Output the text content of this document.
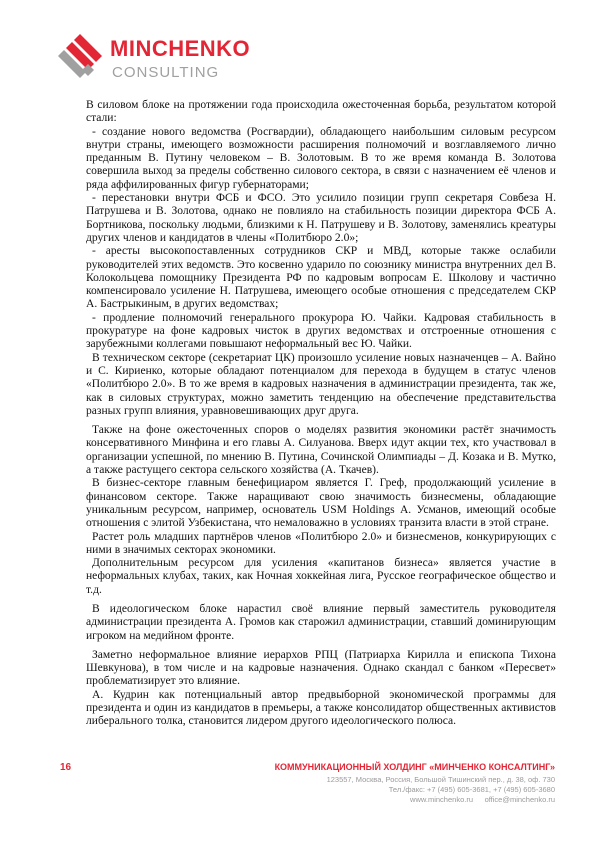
MINCHENKO
CONSULTING

В силовом блоке на протяжении года происходила ожесточенная борьба, результатом которой стали:

- создание нового ведомства (Росгвардии), обладающего наибольшим силовым ресурсом внутри страны, имеющего возможности расширения полномочий и возглавляемого лично преданным В. Путину человеком – В. Золотовым. В то же время команда В. Золотова совершила выход за пределы собственно силового сектора, в связи с назначением её членов и ряда аффилированных фигур губернаторами;

- перестановки внутри ФСБ и ФСО. Это усилило позиции групп секретаря Совбеза Н. Патрушева и В. Золотова, однако не повлияло на стабильность позиции директора ФСБ А. Бортникова, поскольку людьми, близкими к Н. Патрушеву и В. Золотову, заменялись креатуры других членов и кандидатов в члены «Политбюро 2.0»;

- аресты высокопоставленных сотрудников СКР и МВД, которые также ослабили руководителей этих ведомств. Это косвенно ударило по союзнику министра внутренних дел В. Колокольцева помощнику Президента РФ по кадровым вопросам Е. Школову и частично компенсировало усиление Н. Патрушева, имеющего особые отношения с председателем СКР А. Бастрыкиным, в других ведомствах;

- продление полномочий генерального прокурора Ю. Чайки. Кадровая стабильность в прокуратуре на фоне кадровых чисток в других ведомствах и отстроенные отношения с зарубежными коллегами повышают неформальный вес Ю. Чайки.

В техническом секторе (секретариат ЦК) произошло усиление новых назначенцев – А. Вайно и С. Кириенко, которые обладают потенциалом для перехода в будущем в статус членов «Политбюро 2.0». В то же время в кадровых назначения в администрации президента, так же, как в силовых структурах, можно заметить тенденцию на обеспечение представительства разных групп влияния, уравновешивающих друг друга.

Также на фоне ожесточенных споров о моделях развития экономики растёт значимость консервативного Минфина и его главы А. Силуанова. Вверх идут акции тех, кто участвовал в организации успешной, по мнению В. Путина, Сочинской Олимпиады – Д. Козака и В. Мутко, а также растущего сектора сельского хозяйства (А. Ткачев).

В бизнес-секторе главным бенефициаром является Г. Греф, продолжающий усиление в финансовом секторе. Также наращивают свою значимость бизнесмены, обладающие уникальным ресурсом, например, основатель USM Holdings А. Усманов, имеющий особые отношения с элитой Узбекистана, что немаловажно в условиях транзита власти в этой стране.

Растет роль младших партнёров членов «Политбюро 2.0» и бизнесменов, конкурирующих с ними в значимых секторах экономики.

Дополнительным ресурсом для усиления «капитанов бизнеса» является участие в неформальных клубах, таких, как Ночная хоккейная лига, Русское географическое общество и т.д.

В идеологическом блоке нарастил своё влияние первый заместитель руководителя администрации президента А. Громов как старожил администрации, ставший доминирующим игроком на медийном фронте.

Заметно неформальное влияние иерархов РПЦ (Патриарха Кирилла и епископа Тихона Шевкунова), в том числе и на кадровые назначения. Однако скандал с банком «Пересвет» проблематизирует это влияние.

А. Кудрин как потенциальный автор предвыборной экономической программы для президента и один из кандидатов в премьеры, а также консолидатор общественных активистов либерального толка, становится лидером другого идеологического полюса.

16	КОММУНИКАЦИОННЫЙ ХОЛДИНГ «МИНЧЕНКО КОНСАЛТИНГ»
123557, Москва, Россия, Большой Тишинский пер., д. 38, оф. 730
Тел./факс: +7 (495) 605-3681, +7 (495) 605-3680
www.minchenko.ru office@minchenko.ru
